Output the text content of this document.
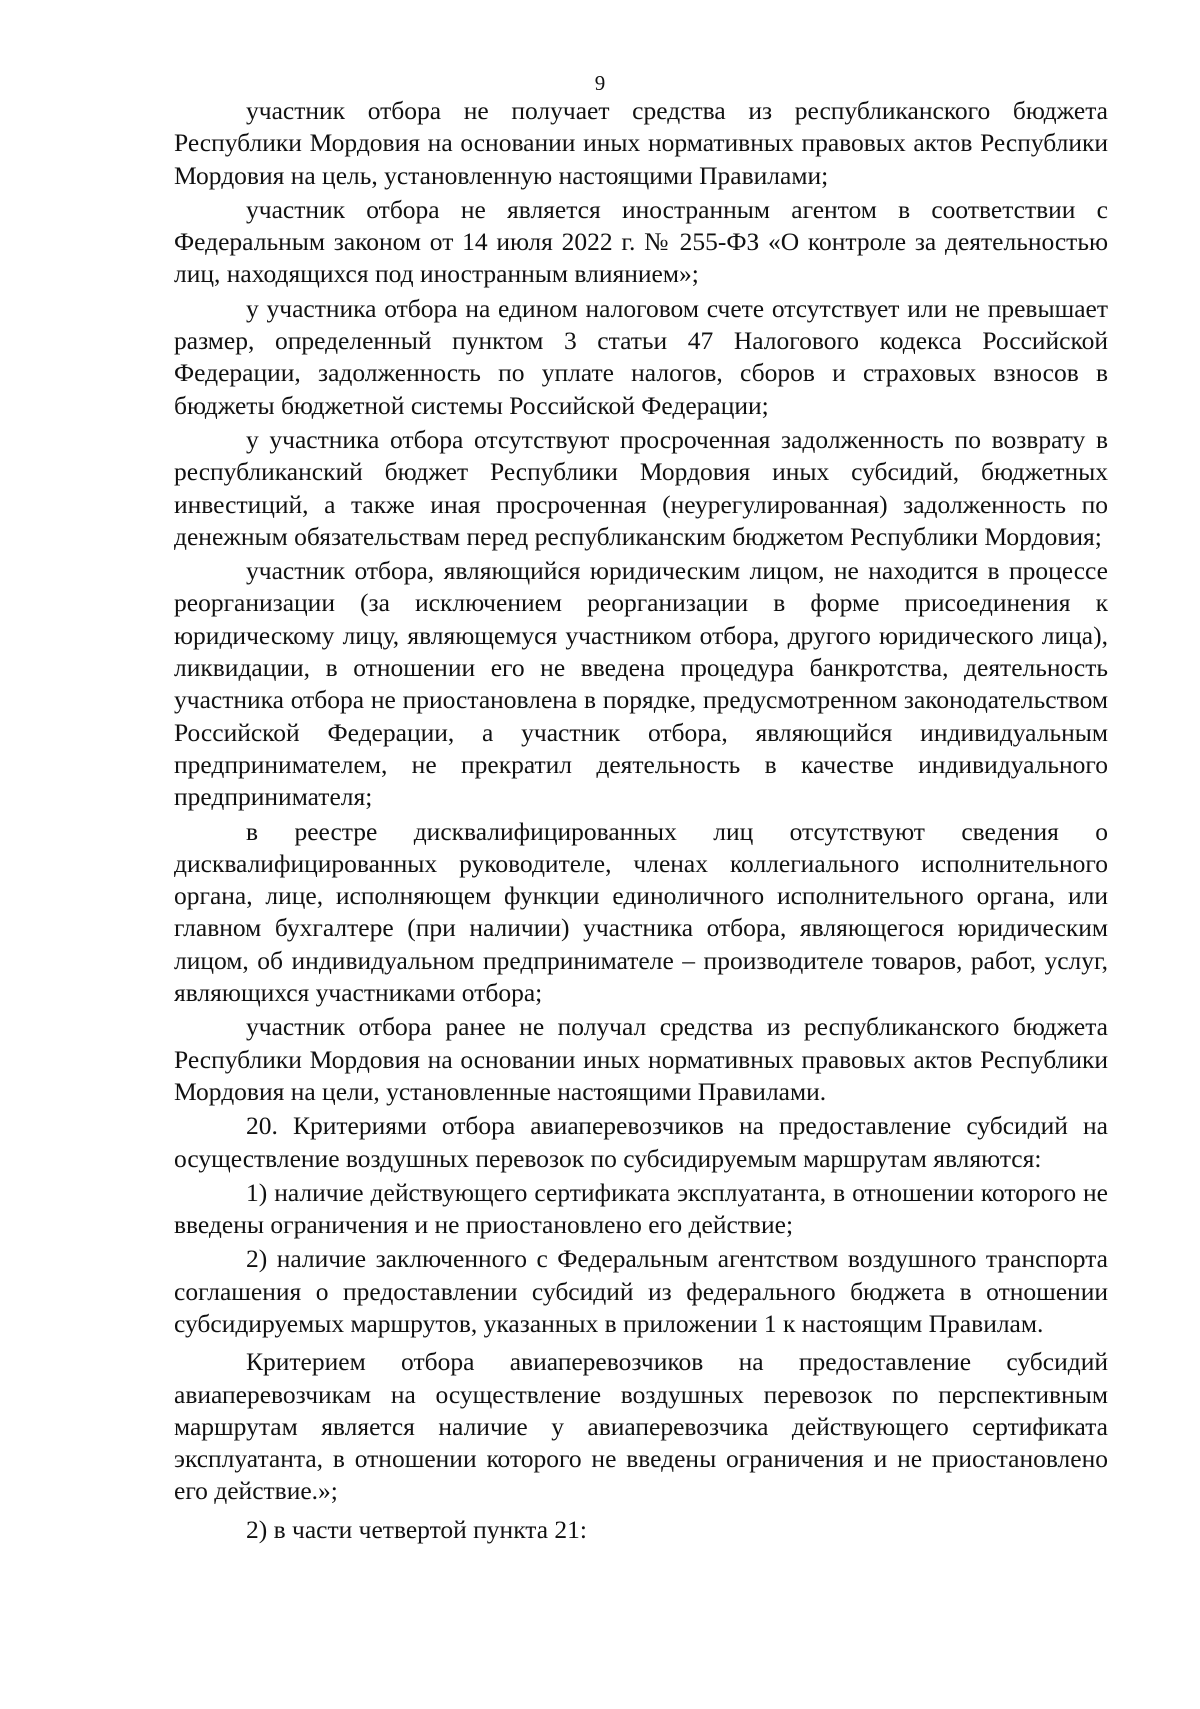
9

участник отбора не получает средства из республиканского бюджета Республики Мордовия на основании иных нормативных правовых актов Республики Мордовия на цель, установленную настоящими Правилами;

участник отбора не является иностранным агентом в соответствии с Федеральным законом от 14 июля 2022 г. № 255-ФЗ «О контроле за деятельностью лиц, находящихся под иностранным влиянием»;

у участника отбора на едином налоговом счете отсутствует или не превышает размер, определенный пунктом 3 статьи 47 Налогового кодекса Российской Федерации, задолженность по уплате налогов, сборов и страховых взносов в бюджеты бюджетной системы Российской Федерации;

у участника отбора отсутствуют просроченная задолженность по возврату в республиканский бюджет Республики Мордовия иных субсидий, бюджетных инвестиций, а также иная просроченная (неурегулированная) задолженность по денежным обязательствам перед республиканским бюджетом Республики Мордовия;

участник отбора, являющийся юридическим лицом, не находится в процессе реорганизации (за исключением реорганизации в форме присоединения к юридическому лицу, являющемуся участником отбора, другого юридического лица), ликвидации, в отношении его не введена процедура банкротства, деятельность участника отбора не приостановлена в порядке, предусмотренном законодательством Российской Федерации, а участник отбора, являющийся индивидуальным предпринимателем, не прекратил деятельность в качестве индивидуального предпринимателя;

в реестре дисквалифицированных лиц отсутствуют сведения о дисквалифицированных руководителе, членах коллегиального исполнительного органа, лице, исполняющем функции единоличного исполнительного органа, или главном бухгалтере (при наличии) участника отбора, являющегося юридическим лицом, об индивидуальном предпринимателе – производителе товаров, работ, услуг, являющихся участниками отбора;

участник отбора ранее не получал средства из республиканского бюджета Республики Мордовия на основании иных нормативных правовых актов Республики Мордовия на цели, установленные настоящими Правилами.

20. Критериями отбора авиаперевозчиков на предоставление субсидий на осуществление воздушных перевозок по субсидируемым маршрутам являются:

1) наличие действующего сертификата эксплуатанта, в отношении которого не введены ограничения и не приостановлено его действие;

2) наличие заключенного с Федеральным агентством воздушного транспорта соглашения о предоставлении субсидий из федерального бюджета в отношении субсидируемых маршрутов, указанных в приложении 1 к настоящим Правилам.

Критерием отбора авиаперевозчиков на предоставление субсидий авиаперевозчикам на осуществление воздушных перевозок по перспективным маршрутам является наличие у авиаперевозчика действующего сертификата эксплуатанта, в отношении которого не введены ограничения и не приостановлено его действие.»;

2) в части четвертой пункта 21:
